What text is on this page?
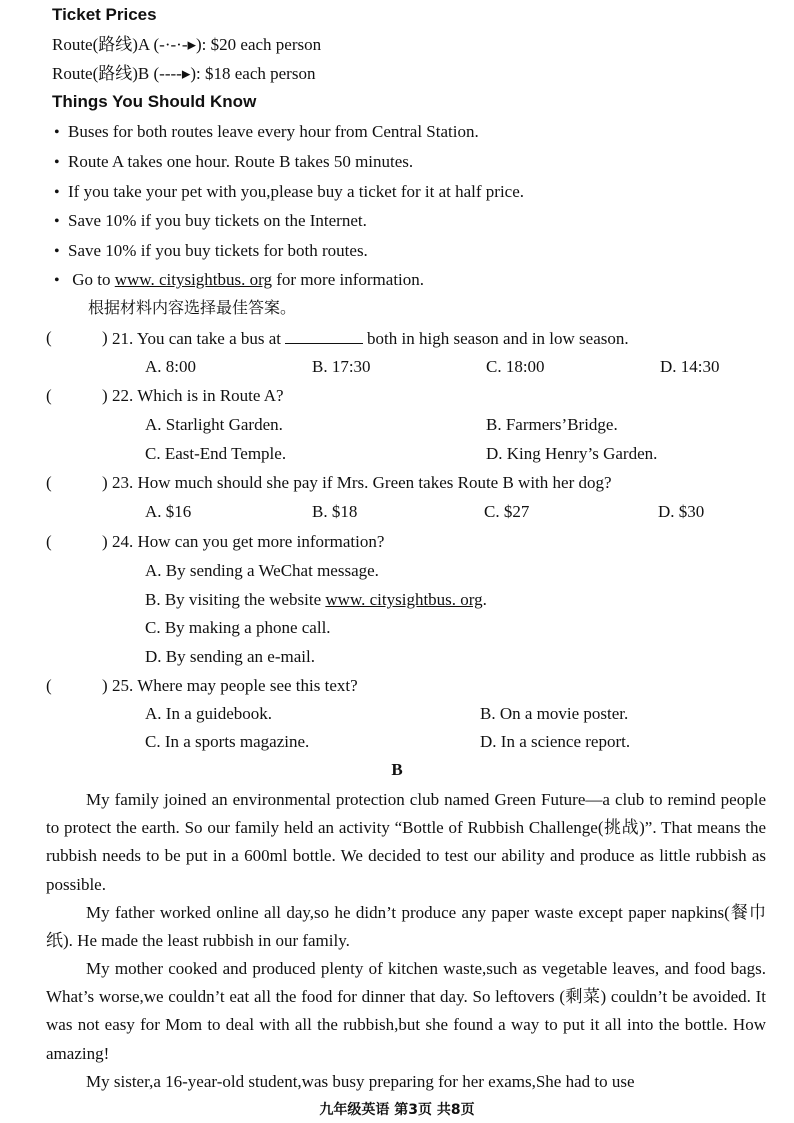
Ticket Prices
Route(路线)A (-·-·-▸): $20 each person
Route(路线)B (----▸): $18 each person
Things You Should Know
• Buses for both routes leave every hour from Central Station.
• Route A takes one hour. Route B takes 50 minutes.
• If you take your pet with you,please buy a ticket for it at half price.
• Save 10% if you buy tickets on the Internet.
• Save 10% if you buy tickets for both routes.
• Go to www. citysightbus. org for more information.
根据材料内容选择最佳答案。
(	) 21. You can take a bus at	both in high season and in low season.
A. 8:00	B. 17:30	C. 18:00	D. 14:30
(	) 22. Which is in Route A?
A. Starlight Garden.	B. Farmers’Bridge.
C. East-End Temple.	D. King Henry’s Garden.
(	) 23. How much should she pay if Mrs. Green takes Route B with her dog?
A. $16	B. $18	C. $27	D. $30
(	) 24. How can you get more information?
A. By sending a WeChat message.
B. By visiting the website www. citysightbus. org.
C. By making a phone call.
D. By sending an e-mail.
(	) 25. Where may people see this text?
A. In a guidebook.	B. On a movie poster.
C. In a sports magazine.	D. In a science report.
B
My family joined an environmental protection club named Green Future—a club to remind people to protect the earth. So our family held an activity “Bottle of Rubbish Challenge(挑战)”. That means the rubbish needs to be put in a 600ml bottle. We decided to test our ability and produce as little rubbish as possible.
My father worked online all day,so he didn’t produce any paper waste except paper napkins(餐巾纸). He made the least rubbish in our family.
My mother cooked and produced plenty of kitchen waste,such as vegetable leaves, and food bags. What’s worse,we couldn’t eat all the food for dinner that day. So leftovers (剩菜) couldn’t be avoided. It was not easy for Mom to deal with all the rubbish,but she found a way to put it all into the bottle. How amazing!
My sister,a 16-year-old student,was busy preparing for her exams,She had to use
九年级英语 第3页 共8页
